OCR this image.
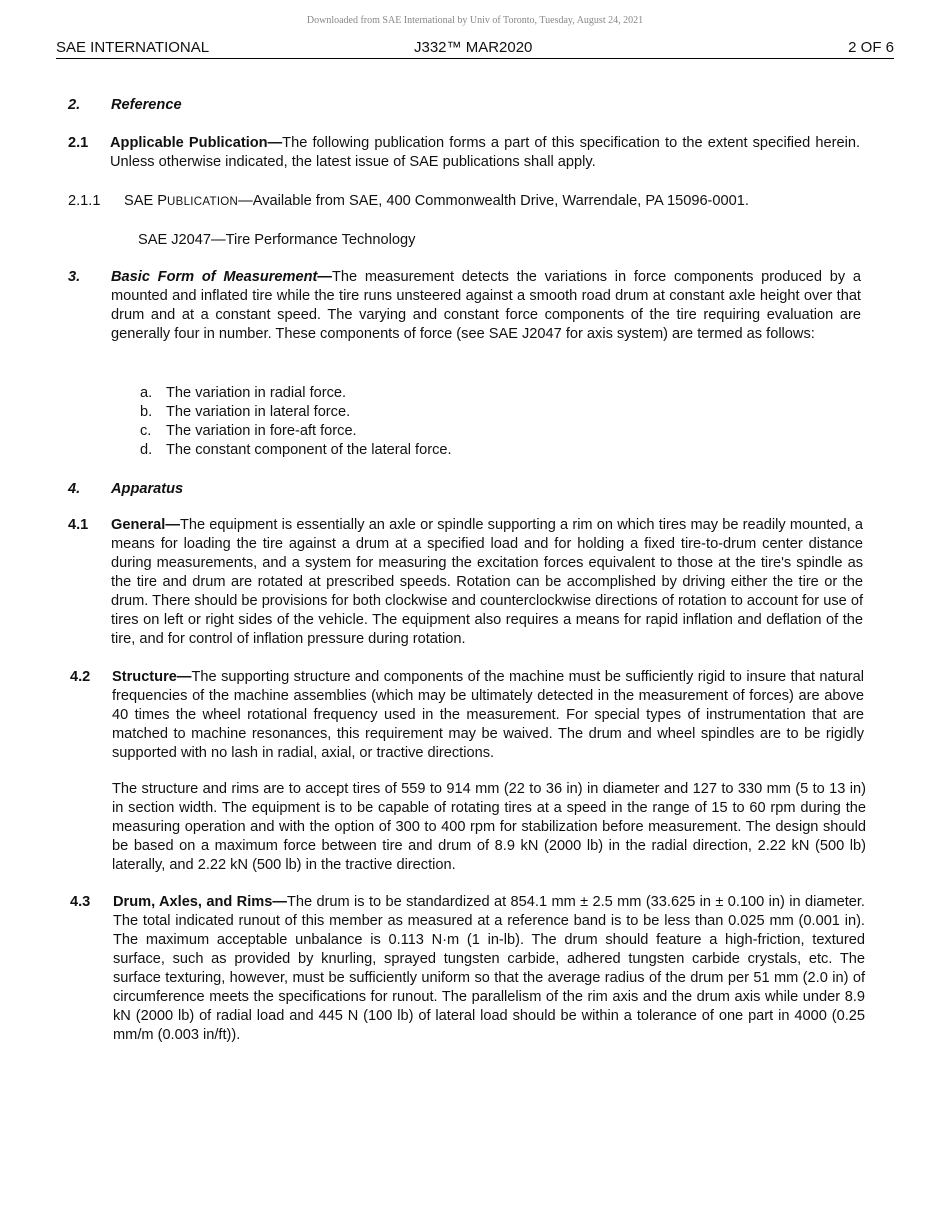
Downloaded from SAE International by Univ of Toronto, Tuesday, August 24, 2021
SAE INTERNATIONAL	J332™ MAR2020	2 OF 6
2. Reference
2.1 Applicable Publication—The following publication forms a part of this specification to the extent specified herein. Unless otherwise indicated, the latest issue of SAE publications shall apply.
2.1.1 SAE PUBLICATION—Available from SAE, 400 Commonwealth Drive, Warrendale, PA 15096-0001.
SAE J2047—Tire Performance Technology
3. Basic Form of Measurement—The measurement detects the variations in force components produced by a mounted and inflated tire while the tire runs unsteered against a smooth road drum at constant axle height over that drum and at a constant speed. The varying and constant force components of the tire requiring evaluation are generally four in number. These components of force (see SAE J2047 for axis system) are termed as follows:
a. The variation in radial force.
b. The variation in lateral force.
c. The variation in fore-aft force.
d. The constant component of the lateral force.
4. Apparatus
4.1 General—The equipment is essentially an axle or spindle supporting a rim on which tires may be readily mounted, a means for loading the tire against a drum at a specified load and for holding a fixed tire-to-drum center distance during measurements, and a system for measuring the excitation forces equivalent to those at the tire's spindle as the tire and drum are rotated at prescribed speeds. Rotation can be accomplished by driving either the tire or the drum. There should be provisions for both clockwise and counterclockwise directions of rotation to account for use of tires on left or right sides of the vehicle. The equipment also requires a means for rapid inflation and deflation of the tire, and for control of inflation pressure during rotation.
4.2 Structure—The supporting structure and components of the machine must be sufficiently rigid to insure that natural frequencies of the machine assemblies (which may be ultimately detected in the measurement of forces) are above 40 times the wheel rotational frequency used in the measurement. For special types of instrumentation that are matched to machine resonances, this requirement may be waived. The drum and wheel spindles are to be rigidly supported with no lash in radial, axial, or tractive directions.
The structure and rims are to accept tires of 559 to 914 mm (22 to 36 in) in diameter and 127 to 330 mm (5 to 13 in) in section width. The equipment is to be capable of rotating tires at a speed in the range of 15 to 60 rpm during the measuring operation and with the option of 300 to 400 rpm for stabilization before measurement. The design should be based on a maximum force between tire and drum of 8.9 kN (2000 lb) in the radial direction, 2.22 kN (500 lb) laterally, and 2.22 kN (500 lb) in the tractive direction.
4.3 Drum, Axles, and Rims—The drum is to be standardized at 854.1 mm ± 2.5 mm (33.625 in ± 0.100 in) in diameter. The total indicated runout of this member as measured at a reference band is to be less than 0.025 mm (0.001 in). The maximum acceptable unbalance is 0.113 N·m (1 in-lb). The drum should feature a high-friction, textured surface, such as provided by knurling, sprayed tungsten carbide, adhered tungsten carbide crystals, etc. The surface texturing, however, must be sufficiently uniform so that the average radius of the drum per 51 mm (2.0 in) of circumference meets the specifications for runout. The parallelism of the rim axis and the drum axis while under 8.9 kN (2000 lb) of radial load and 445 N (100 lb) of lateral load should be within a tolerance of one part in 4000 (0.25 mm/m (0.003 in/ft)).
